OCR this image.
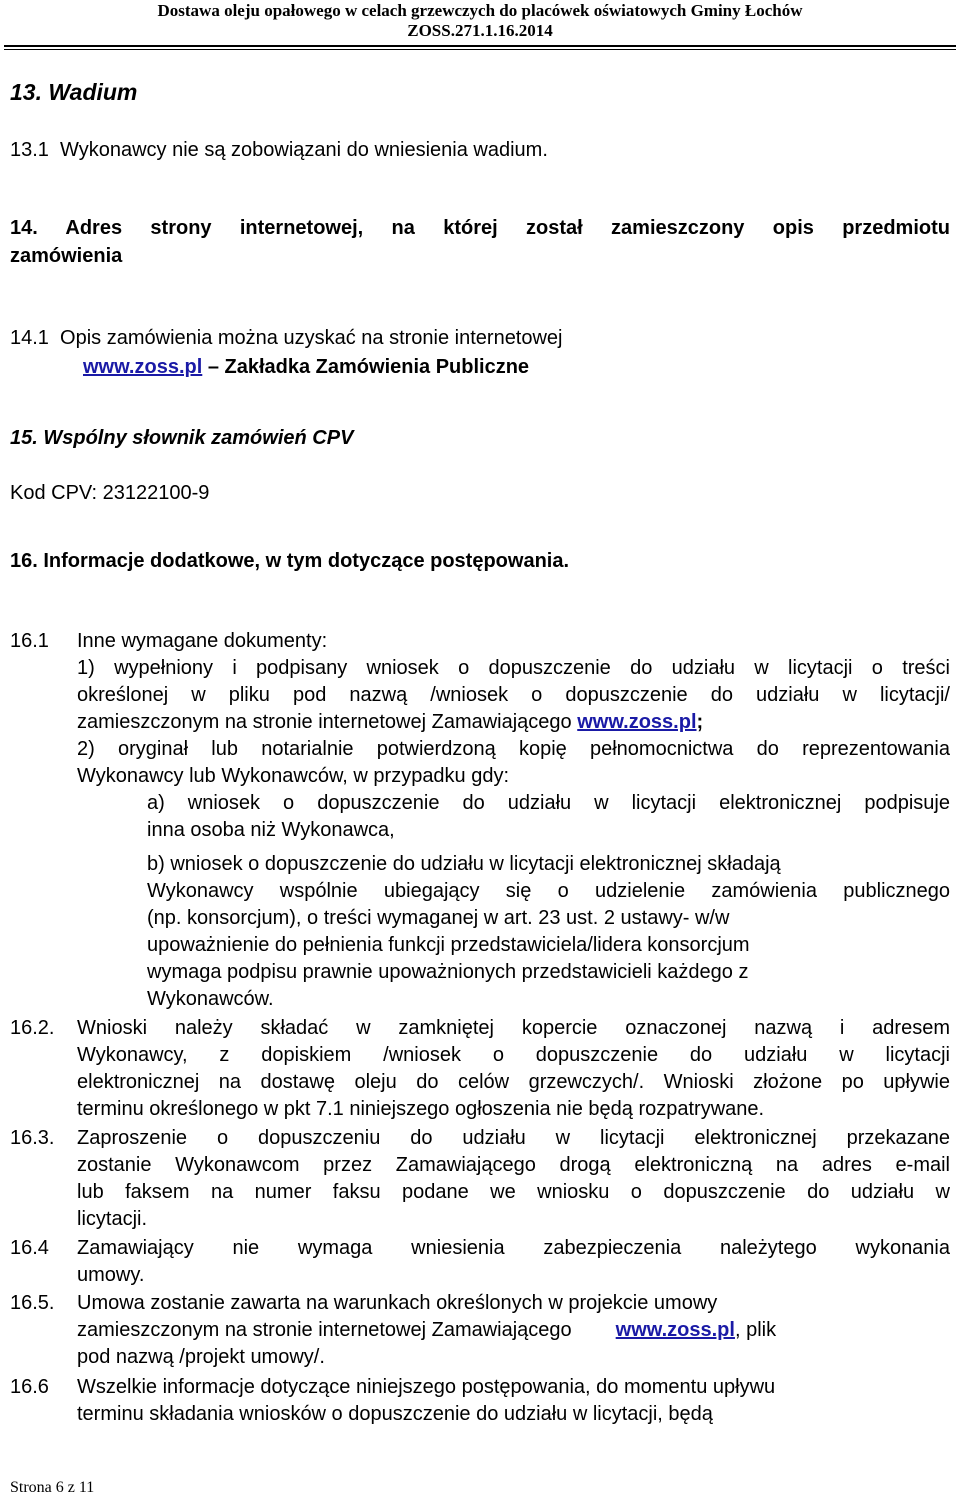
Dostawa oleju opałowego w celach grzewczych do placówek oświatowych Gminy Łochów
ZOSS.271.1.16.2014
13. Wadium
13.1  Wykonawcy nie są zobowiązani do wniesienia wadium.
14. Adres strony internetowej, na której został zamieszczony opis przedmiotu
zamówienia
14.1  Opis zamówienia można uzyskać na stronie internetowej
www.zoss.pl – Zakładka Zamówienia Publiczne
15. Wspólny słownik zamówień CPV
Kod CPV: 23122100-9
16. Informacje dodatkowe, w tym dotyczące postępowania.
16.1 Inne wymagane dokumenty:
1) wypełniony i podpisany wniosek o dopuszczenie do udziału w licytacji o treści
określonej w pliku pod nazwą /wniosek o dopuszczenie do udziału w licytacji/
zamieszczonym na stronie internetowej Zamawiającego www.zoss.pl;
2) oryginał lub notarialnie potwierdzoną kopię pełnomocnictwa do reprezentowania
Wykonawcy lub Wykonawców, w przypadku gdy:
a) wniosek o dopuszczenie do udziału w licytacji elektronicznej podpisuje
inna osoba niż Wykonawca,
b) wniosek o dopuszczenie do udziału w licytacji elektronicznej składają
Wykonawcy wspólnie ubiegający się o udzielenie zamówienia publicznego
(np. konsorcjum), o treści wymaganej w art. 23 ust. 2 ustawy- w/w
upoważnienie do pełnienia funkcji przedstawiciela/lidera konsorcjum
wymaga podpisu prawnie upoważnionych przedstawicieli każdego z
Wykonawców.
16.2. Wnioski należy składać w zamkniętej kopercie oznaczonej nazwą i adresem
Wykonawcy, z dopiskiem /wniosek o dopuszczenie do udziału w licytacji
elektronicznej na dostawę oleju do celów grzewczych/. Wnioski złożone po upływie
terminu określonego w pkt 7.1 niniejszego ogłoszenia nie będą rozpatrywane.
16.3. Zaproszenie o dopuszczeniu do udziału w licytacji elektronicznej przekazane
zostanie Wykonawcom przez Zamawiającego drogą elektroniczną na adres e-mail
lub faksem na numer faksu podane we wniosku o dopuszczenie do udziału w
licytacji.
16.4 Zamawiający nie wymaga wniesienia zabezpieczenia należytego wykonania
umowy.
16.5. Umowa zostanie zawarta na warunkach określonych w projekcie umowy
zamieszczonym na stronie internetowej Zamawiającego www.zoss.pl, plik
pod nazwą /projekt umowy/.
16.6 Wszelkie informacje dotyczące niniejszego postępowania, do momentu upływu
terminu składania wniosków o dopuszczenie do udziału w licytacji, będą
Strona 6 z 11
